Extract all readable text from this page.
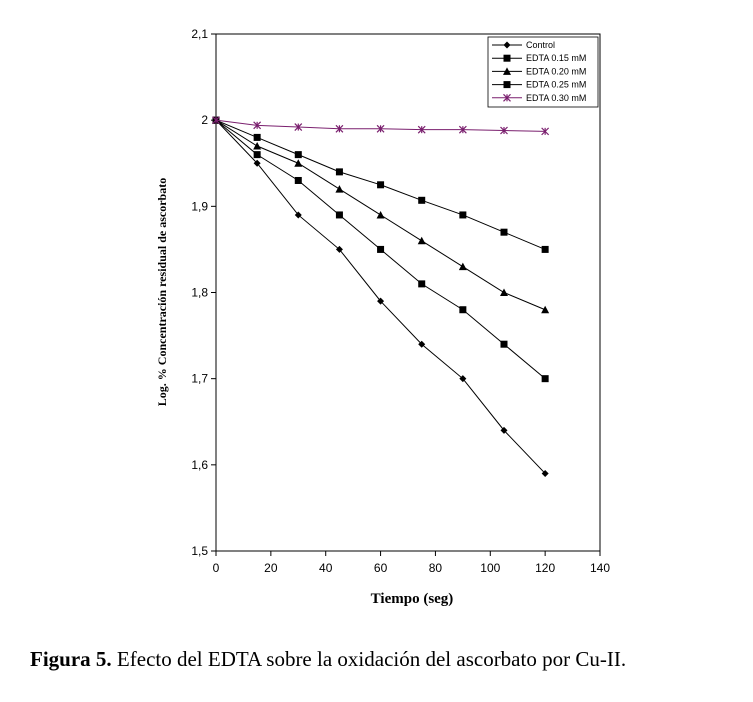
0	20	40	60	80	100	120	140
1,5
1,6
1,7
1,8
1,9
2
2,1
Control
EDTA 0.15 mM
EDTA 0.20 mM
EDTA 0.25 mM
EDTA 0.30 mM
Tiempo (seg)
Log. % Concentración residual de ascorbato
Figura 5. Efecto del EDTA sobre la oxidación del ascorbato por Cu-II.
